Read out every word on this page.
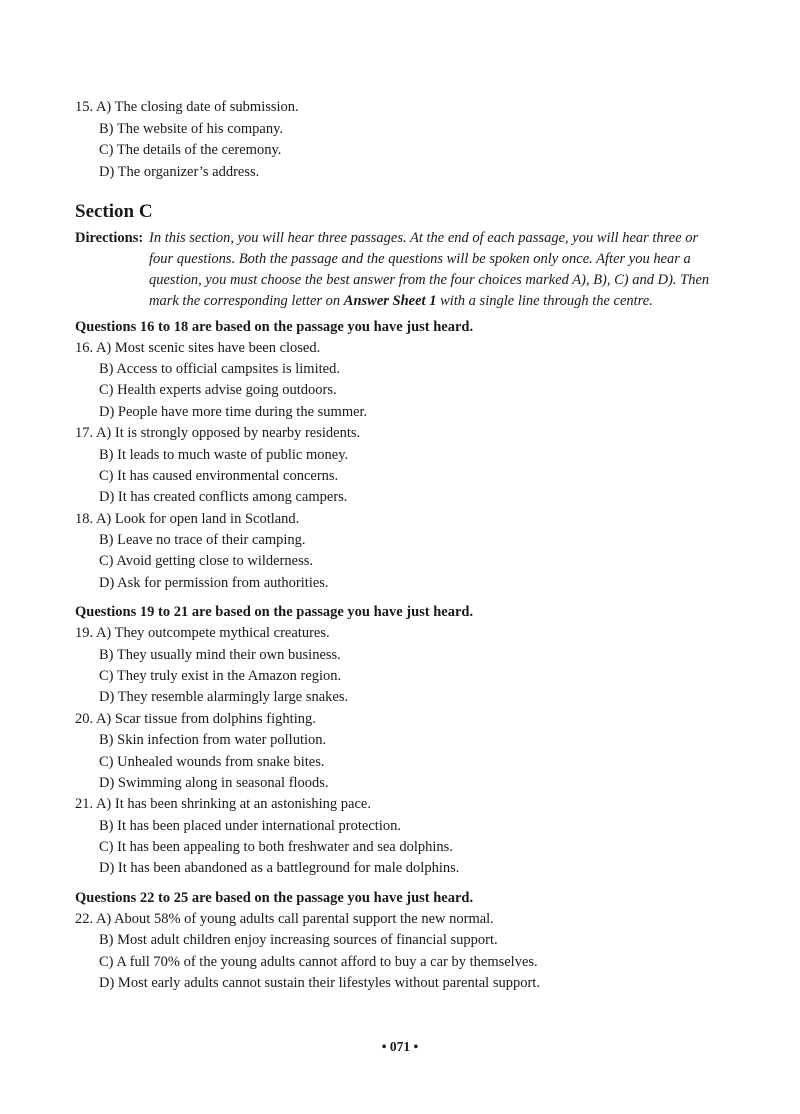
15. A) The closing date of submission.
B) The website of his company.
C) The details of the ceremony.
D) The organizer’s address.
Section C
Directions: In this section, you will hear three passages. At the end of each passage, you will hear three or
four questions. Both the passage and the questions will be spoken only once. After you hear a
question, you must choose the best answer from the four choices marked A), B), C) and D). Then
mark the corresponding letter on Answer Sheet 1 with a single line through the centre.
Questions 16 to 18 are based on the passage you have just heard.
16. A) Most scenic sites have been closed.
B) Access to official campsites is limited.
C) Health experts advise going outdoors.
D) People have more time during the summer.
17. A) It is strongly opposed by nearby residents.
B) It leads to much waste of public money.
C) It has caused environmental concerns.
D) It has created conflicts among campers.
18. A) Look for open land in Scotland.
B) Leave no trace of their camping.
C) Avoid getting close to wilderness.
D) Ask for permission from authorities.
Questions 19 to 21 are based on the passage you have just heard.
19. A) They outcompete mythical creatures.
B) They usually mind their own business.
C) They truly exist in the Amazon region.
D) They resemble alarmingly large snakes.
20. A) Scar tissue from dolphins fighting.
B) Skin infection from water pollution.
C) Unhealed wounds from snake bites.
D) Swimming along in seasonal floods.
21. A) It has been shrinking at an astonishing pace.
B) It has been placed under international protection.
C) It has been appealing to both freshwater and sea dolphins.
D) It has been abandoned as a battleground for male dolphins.
Questions 22 to 25 are based on the passage you have just heard.
22. A) About 58% of young adults call parental support the new normal.
B) Most adult children enjoy increasing sources of financial support.
C) A full 70% of the young adults cannot afford to buy a car by themselves.
D) Most early adults cannot sustain their lifestyles without parental support.
• 071 •
